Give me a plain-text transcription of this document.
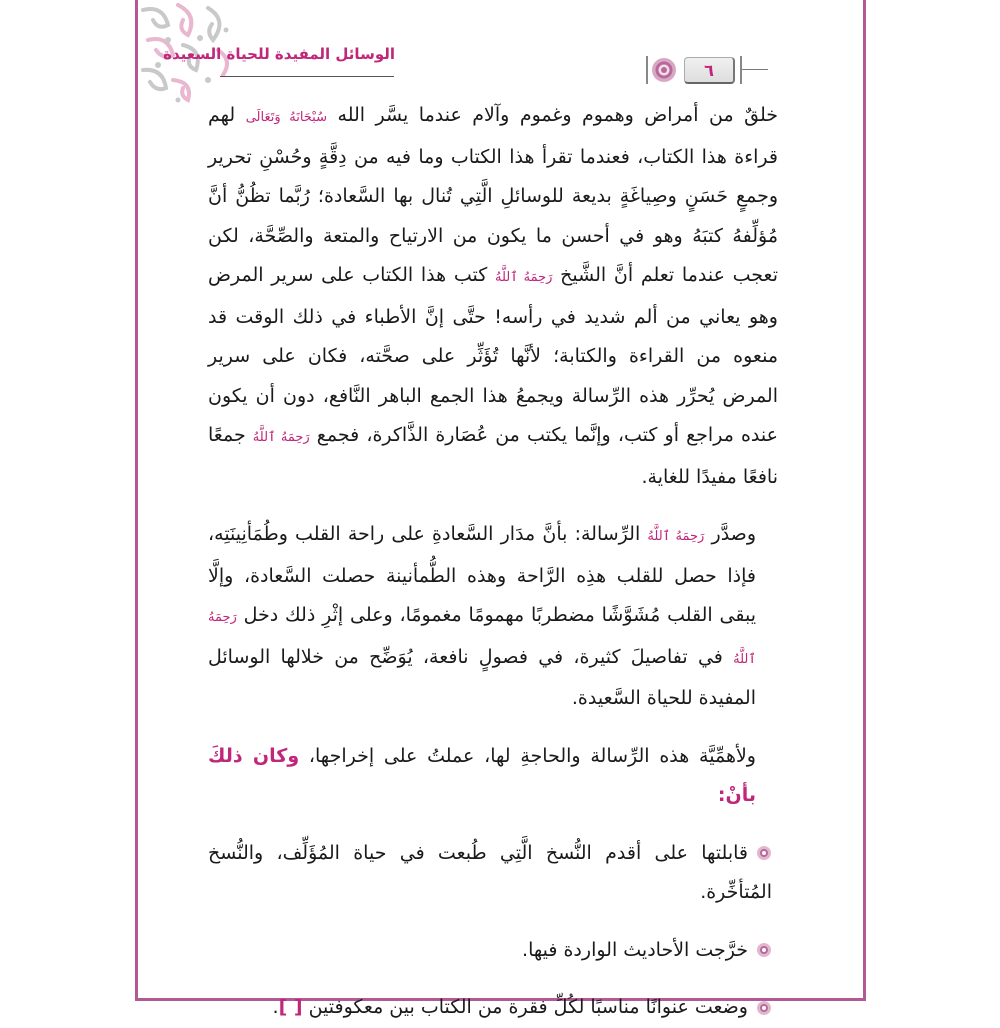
الوسائل المفيدة للحياة السعيدة
٦

خلقٌ من أمراض وهموم وغموم وآلام عندما يسَّر الله سُبْحَانَهُ وَتَعَالَى لهم قراءة هذا الكتاب، فعندما تقرأ هذا الكتاب وما فيه من دِقَّةٍ وحُسْنِ تحرير وجمعٍ حَسَنٍ وصِياغَةٍ بديعة للوسائلِ الَّتِي تُنال بها السَّعادة؛ رُبَّما تظُنُّ أنَّ مُؤلِّفهُ كتبَهُ وهو في أحسن ما يكون من الارتياح والمتعة والصِّحَّة، لكن تعجب عندما تعلم أنَّ الشَّيخ رَحِمَهُ ٱللَّهُ كتب هذا الكتاب على سرير المرض وهو يعاني من ألم شديد في رأسه! حتَّى إنَّ الأطباء في ذلك الوقت قد منعوه من القراءة والكتابة؛ لأنَّها تُؤَثِّر على صحَّته، فكان على سرير المرض يُحرِّر هذه الرِّسالة ويجمعُ هذا الجمع الباهر النَّافع، دون أن يكون عنده مراجع أو كتب، وإنَّما يكتب من عُصَارة الذَّاكرة، فجمع رَحِمَهُ ٱللَّهُ جمعًا نافعًا مفيدًا للغاية.

وصدَّر رَحِمَهُ ٱللَّهُ الرِّسالة: بأنَّ مدَار السَّعادةِ على راحة القلب وطُمَأنِينَتِه، فإذا حصل للقلب هذِه الرَّاحة وهذه الطُّمأنينة حصلت السَّعادة، وإلَّا يبقى القلب مُشَوَّشًا مضطربًا مهمومًا مغمومًا، وعلى إثْرِ ذلك دخل رَحِمَهُ ٱللَّهُ في تفاصيلَ كثيرة، في فصولٍ نافعة، يُوَضِّح من خلالها الوسائل المفيدة للحياة السَّعيدة.

ولأهمِّيَّة هذه الرِّسالة والحاجةِ لها، عملتُ على إخراجها، وكان ذلكَ بأنْ:

قابلتها على أقدم النُّسخ الَّتِي طُبعت في حياة المُؤَلِّف، والنُّسخ المُتأخِّرة.

خرَّجت الأحاديث الواردة فيها.

وضعت عنوانًا مناسبًا لكُلِّ فقرة من الكتاب بين معكوفتين [ ].
